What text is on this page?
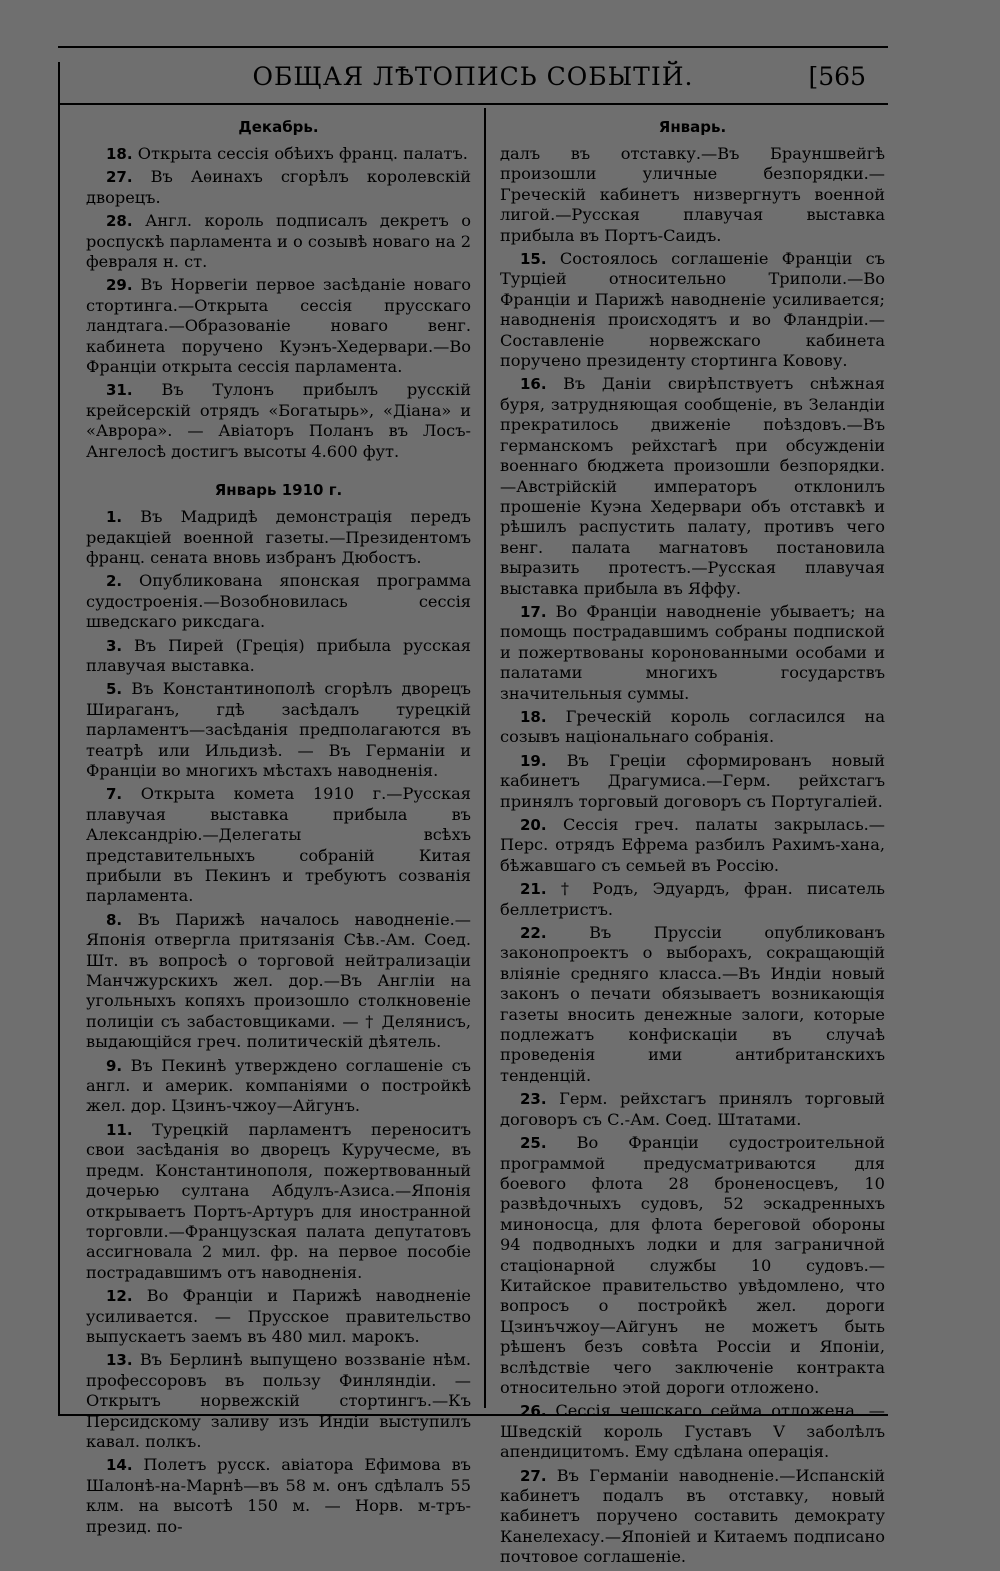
ОБЩАЯ ЛѢТОПИСЬ СОБЫТІЙ.	[565
Декабрь.

18. Открыта сессія обѣихъ франц. палатъ.

27. Въ Аѳинахъ сгорѣлъ королевскій дворецъ.

28. Англ. король подписалъ декретъ о роспускѣ парламента и о созывѣ новаго на 2 февраля н. ст.

29. Въ Норвегіи первое засѣданіе новаго стортинга.—Открыта сессія прусскаго ландтага.—Образованіе новаго венг. кабинета поручено Куэнъ-Хедервари.—Во Франціи открыта сессія парламента.

31. Въ Тулонъ прибылъ русскій крейсерскій отрядъ «Богатырь», «Діана» и «Аврора». — Авіаторъ Поланъ въ Лосъ-Ангелосѣ достигъ высоты 4.600 фут.

Январь 1910 г.

1. Въ Мадридѣ демонстрація передъ редакціей военной газеты.—Президентомъ франц. сената вновь избранъ Дюбостъ.

2. Опубликована японская программа судостроенія.—Возобновилась сессія шведскаго риксдага.

3. Въ Пирей (Греція) прибыла русская плавучая выставка.

5. Въ Константинополѣ сгорѣлъ дворецъ Шираганъ, гдѣ засѣдалъ турецкій парламентъ—засѣданія предполагаются въ театрѣ или Ильдизѣ. — Въ Германіи и Франціи во многихъ мѣстахъ наводненія.

7. Открыта комета 1910 г.—Русская плавучая выставка прибыла въ Александрію.—Делегаты всѣхъ представительныхъ собраній Китая прибыли въ Пекинъ и требуютъ созванія парламента.

8. Въ Парижѣ началось наводненіе.—Японія отвергла притязанія Сѣв.-Ам. Соед. Шт. въ вопросѣ о торговой нейтрализаціи Манчжурскихъ жел. дор.—Въ Англіи на угольныхъ копяхъ произошло столкновеніе полиціи съ забастовщиками. — † Делянисъ, выдающійся греч. политическій дѣятель.

9. Въ Пекинѣ утверждено соглашеніе съ англ. и америк. компаніями о постройкѣ жел. дор. Цзинъ-чжоу—Айгунъ.

11. Турецкій парламентъ переноситъ свои засѣданія во дворецъ Куручесме, въ предм. Константинополя, пожертвованный дочерью султана Абдулъ-Азиса.—Японія открываетъ Портъ-Артуръ для иностранной торговли.—Французская палата депутатовъ ассигновала 2 мил. фр. на первое пособіе пострадавшимъ отъ наводненія.

12. Во Франціи и Парижѣ наводненіе усиливается. — Прусское правительство выпускаетъ заемъ въ 480 мил. марокъ.

13. Въ Берлинѣ выпущено воззваніе нѣм. профессоровъ въ пользу Финляндіи. — Открытъ норвежскій стортингъ.—Къ Персидскому заливу изъ Индіи выступилъ кавал. полкъ.

14. Полетъ русск. авіатора Ефимова въ Шалонѣ-на-Марнѣ—въ 58 м. онъ сдѣлалъ 55 клм. на высотѣ 150 м. — Норв. м-тръ-презид. по-

Январь.

далъ въ отставку.—Въ Брауншвейгѣ произошли уличные безпорядки.—Греческій кабинетъ низвергнутъ военной лигой.—Русская плавучая выставка прибыла въ Портъ-Саидъ.

15. Состоялось соглашеніе Франціи съ Турціей относительно Триполи.—Во Франціи и Парижѣ наводненіе усиливается; наводненія происходятъ и во Фландріи.— Составленіе норвежскаго кабинета поручено президенту стортинга Ковову.

16. Въ Даніи свирѣпствуетъ снѣжная буря, затрудняющая сообщеніе, въ Зеландіи прекратилось движеніе поѣздовъ.—Въ германскомъ рейхстагѣ при обсужденіи военнаго бюджета произошли безпорядки.—Австрійскій императоръ отклонилъ прошеніе Куэна Хедервари объ отставкѣ и рѣшилъ распустить палату, противъ чего венг. палата магнатовъ постановила выразить протестъ.—Русская плавучая выставка прибыла въ Яффу.

17. Во Франціи наводненіе убываетъ; на помощь пострадавшимъ собраны подпиской и пожертвованы коронованными особами и палатами многихъ государствъ значительныя суммы.

18. Греческій король согласился на созывъ національнаго собранія.

19. Въ Греціи сформированъ новый кабинетъ Драгумиса.—Герм. рейхстагъ принялъ торговый договоръ съ Португаліей.

20. Сессія греч. палаты закрылась.—Перс. отрядъ Ефрема разбилъ Рахимъ-хана, бѣжавшаго съ семьей въ Россію.

21. † Родъ, Эдуардъ, фран. писатель беллетристъ.

22.	Въ Пруссіи опубликованъ законопроектъ о выборахъ, сокращающій вліяніе средняго класса.—Въ Индіи новый законъ о печати обязываетъ возникающія газеты вносить денежные залоги, которые подлежатъ конфискаціи въ случаѣ проведенія ими антибританскихъ тенденцій.

23. Герм. рейхстагъ принялъ торговый договоръ съ С.-Ам. Соед. Штатами.

25. Во Франціи судостроительной программой предусматриваются для боевого флота 28 броненосцевъ, 10 развѣдочныхъ судовъ, 52 эскадренныхъ миноносца, для флота береговой обороны 94 подводныхъ лодки и для заграничной стаціонарной службы 10 судовъ.—Китайское правительство увѣдомлено, что вопросъ о постройкѣ жел. дороги Цзинъчжоу—Айгунъ не можетъ быть рѣшенъ безъ совѣта Россіи и Японіи, вслѣдствіе чего заключеніе контракта относительно этой дороги отложено.

26. Сессія чешскаго сейма отложена. — Шведскій король Густавъ V заболѣлъ апендицитомъ. Ему сдѣлана операція.

27. Въ Германіи наводненіе.—Испанскій кабинетъ подалъ въ отставку, новый кабинетъ поручено составить демократу Канелехасу.—Японіей и Китаемъ подписано почтовое соглашеніе.
